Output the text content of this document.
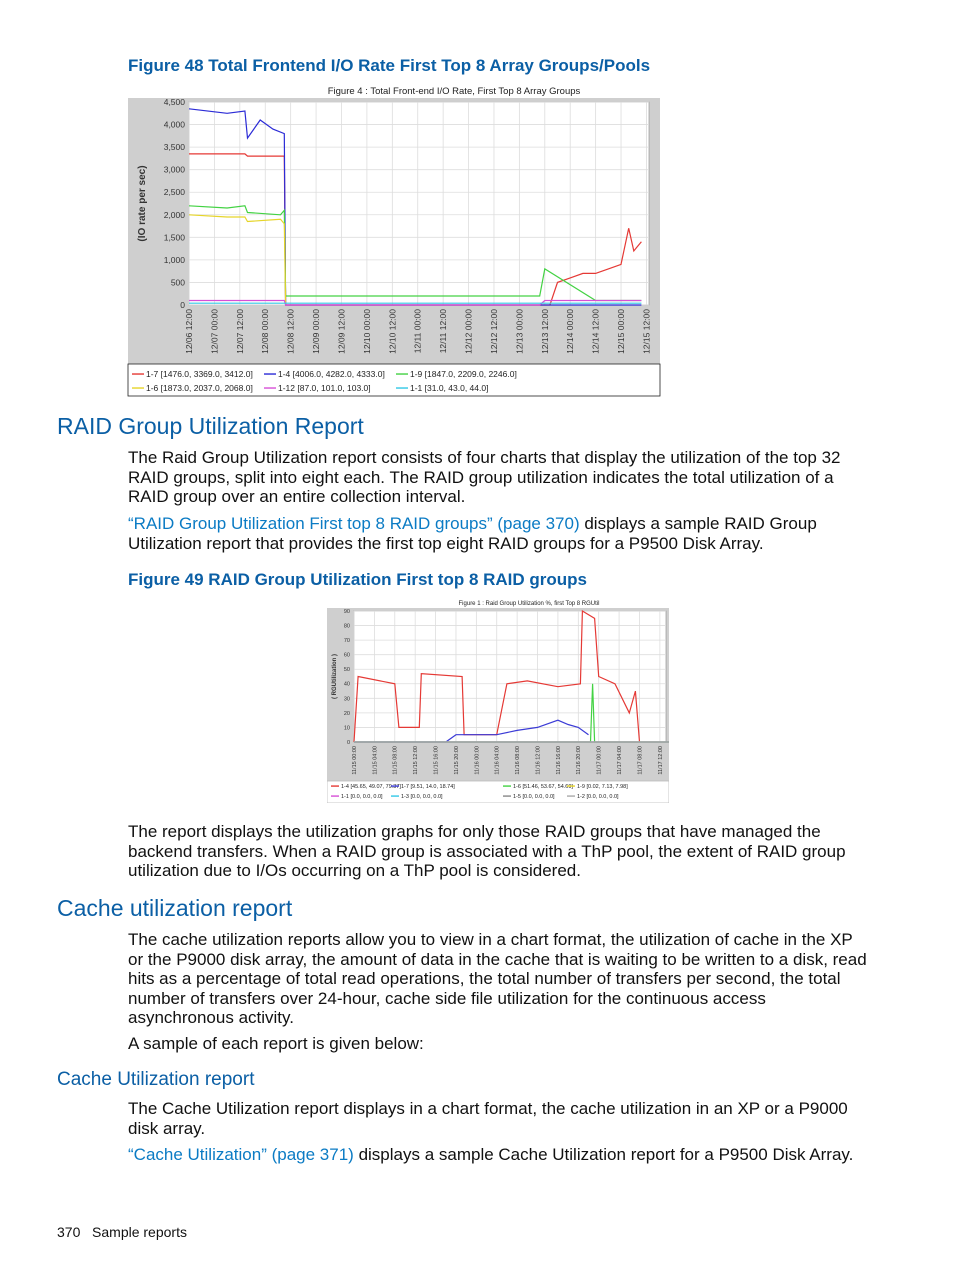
Figure 48 Total Frontend I/O Rate First Top 8 Array Groups/Pools
Figure 4 : Total Front-end I/O Rate, First Top 8 Array Groups
4,500
4,000
3,500
3,000
2,500
2,000
1,500
1,000
500
0
12/06 12:00 12/07 00:00 12/07 12:00 12/08 00:00 12/08 12:00 12/09 00:00 12/09 12:00 12/10 00:00 12/10 12:00 12/11 00:00 12/11 12:00 12/12 00:00 12/12 12:00 12/13 00:00 12/13 12:00 12/14 00:00 12/14 12:00 12/15 00:00 12/15 12:00
(IO rate per sec)
1-7 [1476.0, 3369.0, 3412.0]	1-4 [4006.0, 4282.0, 4333.0]	1-9 [1847.0, 2209.0, 2246.0]
1-6 [1873.0, 2037.0, 2068.0]	1-12 [87.0, 101.0, 103.0]	1-1 [31.0, 43.0, 44.0]
RAID Group Utilization Report
The Raid Group Utilization report consists of four charts that display the utilization of the top 32 RAID groups, split into eight each. The RAID group utilization indicates the total utilization of a RAID group over an entire collection interval.
“RAID Group Utilization First top 8 RAID groups” (page 370) displays a sample RAID Group Utilization report that provides the first top eight RAID groups for a P9500 Disk Array.
Figure 49 RAID Group Utilization First top 8 RAID groups
Figure 1 : Raid Group Utilization %, first Top 8 RGUtil
90
80
70
60
50
40
30
20
10
0
11/15 00:00	11/15 04:00	11/15 08:00	11/15 12:00	11/15 16:00	11/15 20:00	11/16 00:00	11/16 04:00	11/16 08:00	11/16 12:00	11/16 16:00	11/16 20:00	11/17 00:00	11/17 04:00	11/17 08:00	11/17 12:00
( RGUtilization )
1-4 [45.65, 49.07, 79.37] 1-7 [9.51, 14.0, 18.74]	1-6 [51.46, 53.67, 54.69] 1-9 [0.02, 7.13, 7.98]
1-1 [0.0, 0.0, 0.0]	1-3 [0.0, 0.0, 0.0]	1-5 [0.0, 0.0, 0.0]	1-2 [0.0, 0.0, 0.0]
The report displays the utilization graphs for only those RAID groups that have managed the backend transfers. When a RAID group is associated with a ThP pool, the extent of RAID group utilization due to I/Os occurring on a ThP pool is considered.
Cache utilization report
The cache utilization reports allow you to view in a chart format, the utilization of cache in the XP or the P9000 disk array, the amount of data in the cache that is waiting to be written to a disk, read hits as a percentage of total read operations, the total number of transfers per second, the total number of transfers over 24-hour, cache side file utilization for the continuous access asynchronous activity.
A sample of each report is given below:
Cache Utilization report
The Cache Utilization report displays in a chart format, the cache utilization in an XP or a P9000 disk array.
“Cache Utilization” (page 371) displays a sample Cache Utilization report for a P9500 Disk Array.
370 Sample reports
